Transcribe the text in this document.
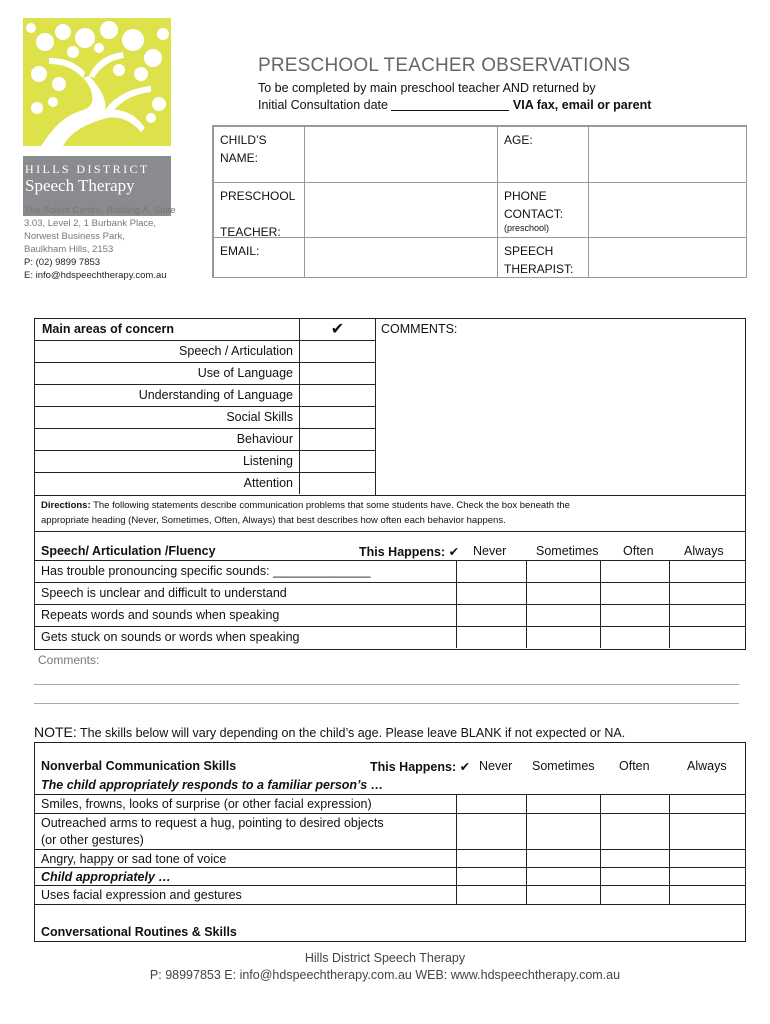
HILLS DISTRICT
Speech Therapy
The Solent Centre, Building A, Suite
3.03, Level 2, 1 Burbank Place,
Norwest Business Park,
Baulkham Hills, 2153
P: (02) 9899 7853
E: info@hdspeechtherapy.com.au
PRESCHOOL TEACHER OBSERVATIONS
To be completed by main preschool teacher AND returned by
Initial Consultation date	VIA fax, email or parent
CHILD’S
NAME:
AGE:
PRESCHOOL
TEACHER:
PHONE
CONTACT:
(preschool)
EMAIL:	SPEECH
THERAPIST:
Main areas of concern	✔	COMMENTS:
Speech / Articulation
Use of Language
Understanding of Language
Social Skills
Behaviour
Listening
Attention
Directions: The following statements describe communication problems that some students have. Check the box beneath the
appropriate heading (Never, Sometimes, Often, Always) that best describes how often each behavior happens.
Speech/ Articulation /Fluency	This Happens: ✔ Never Sometimes Often Always
Has trouble pronouncing specific sounds: ______________
Speech is unclear and difficult to understand
Repeats words and sounds when speaking
Gets stuck on sounds or words when speaking
Comments:
NOTE: The skills below will vary depending on the child’s age. Please leave BLANK if not expected or NA.
Nonverbal Communication Skills	This Happens: ✔ Never Sometimes Often	Always
The child appropriately responds to a familiar person’s …
Smiles, frowns, looks of surprise (or other facial expression)
Outreached arms to request a hug, pointing to desired objects
(or other gestures)
Angry, happy or sad tone of voice
Child appropriately …
Uses facial expression and gestures
Conversational Routines & Skills
Hills District Speech Therapy
P: 98997853 E: info@hdspeechtherapy.com.au WEB: www.hdspeechtherapy.com.au
